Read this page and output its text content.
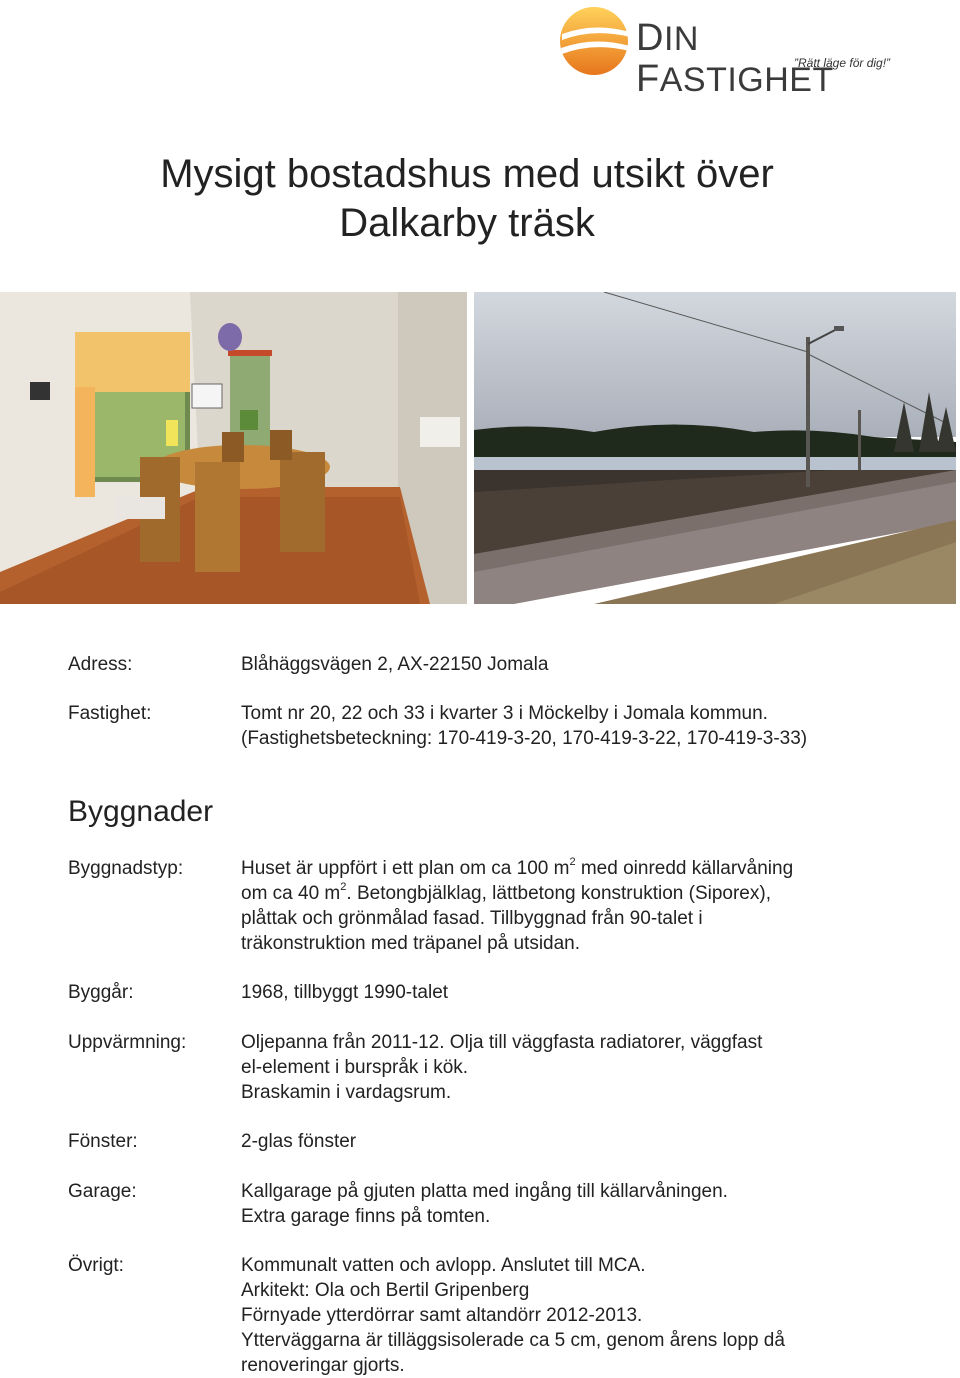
DIN FASTIGHET
”Rätt läge för dig!”
Mysigt bostadshus med utsikt över
Dalkarby träsk
Adress:	Blåhäggsvägen 2, AX-22150 Jomala
Fastighet:	Tomt nr 20, 22 och 33 i kvarter 3 i Möckelby i Jomala kommun.
(Fastighetsbeteckning: 170-419-3-20, 170-419-3-22, 170-419-3-33)
Byggnader
Byggnadstyp:	Huset är uppfört i ett plan om ca 100 $m^2$ med oinredd källarvåning
om ca 40 $m^2$. Betongbjälklag, lättbetong konstruktion (Siporex),
plåttak och grönmålad fasad. Tillbyggnad från 90-talet i
träkonstruktion med träpanel på utsidan.
Byggår:	1968, tillbyggt 1990-talet
Uppvärmning:	Oljepanna från 2011-12. Olja till väggfasta radiatorer, väggfast
el-element i burspråk i kök.
Braskamin i vardagsrum.
Fönster:	2-glas fönster
Garage:	Kallgarage på gjuten platta med ingång till källarvåningen.
Extra garage finns på tomten.
Övrigt:	Kommunalt vatten och avlopp. Anslutet till MCA.
Arkitekt: Ola och Bertil Gripenberg
Förnyade ytterdörrar samt altandörr 2012-2013.
Ytterväggarna är tilläggsisolerade ca 5 cm, genom årens lopp då
renoveringar gjorts.
